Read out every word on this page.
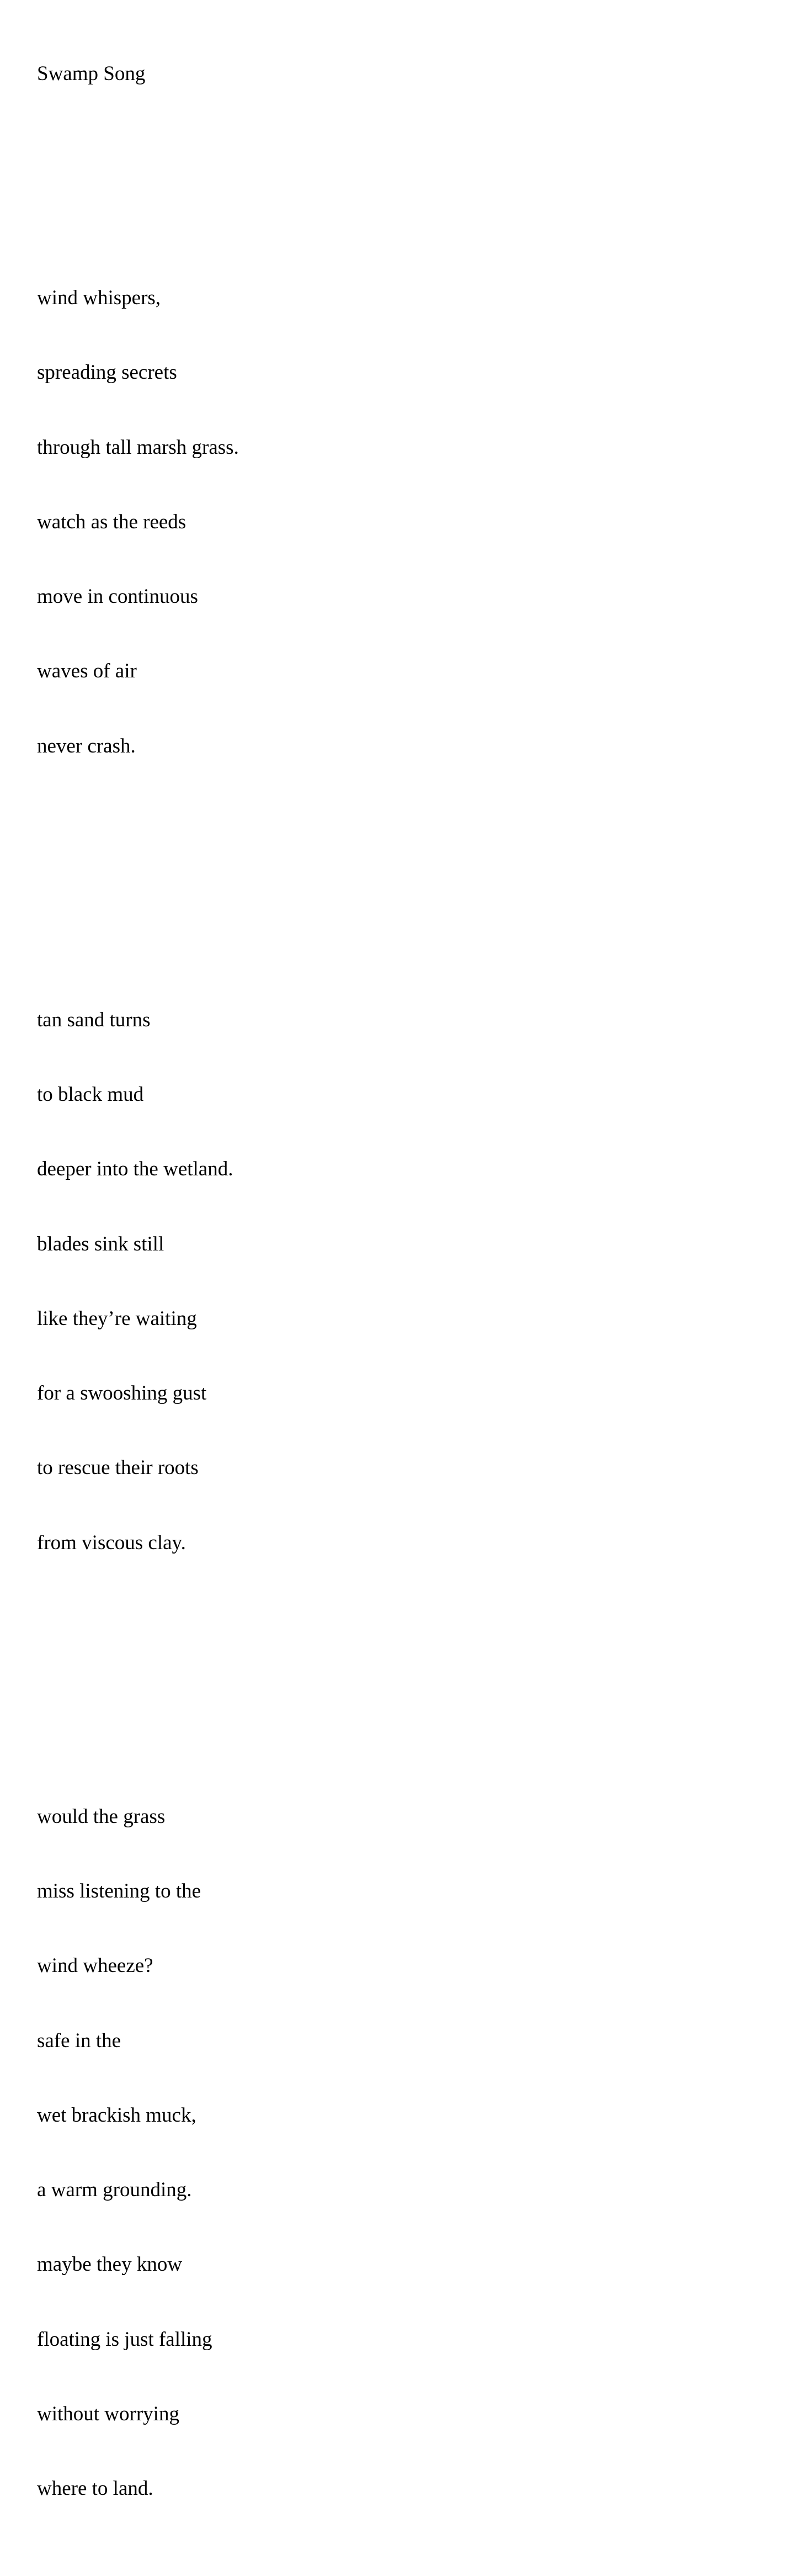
Swamp Song

wind whispers,

spreading secrets

through tall marsh grass.

watch as the reeds

move in continuous

waves of air

never crash.

tan sand turns

to black mud

deeper into the wetland.

blades sink still

like they’re waiting

for a swooshing gust

to rescue their roots

from viscous clay.

would the grass

miss listening to the

wind wheeze?

safe in the

wet brackish muck,

a warm grounding.

maybe they know

floating is just falling

without worrying

where to land.
